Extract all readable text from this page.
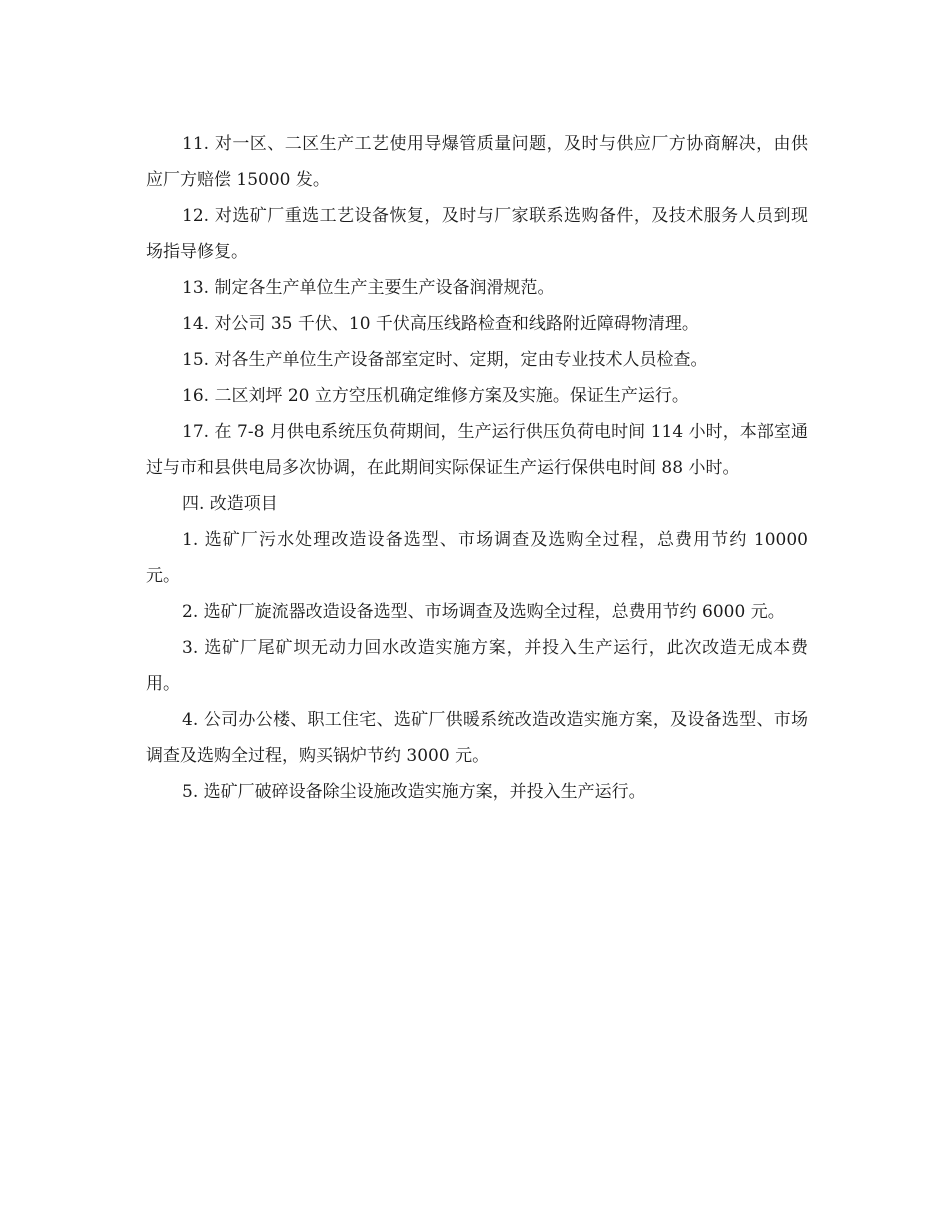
11. 对一区、二区生产工艺使用导爆管质量问题，及时与供应厂方协商解决，由供应厂方赔偿 15000 发。

12. 对选矿厂重选工艺设备恢复，及时与厂家联系选购备件，及技术服务人员到现场指导修复。

13. 制定各生产单位生产主要生产设备润滑规范。

14. 对公司 35 千伏、10 千伏高压线路检查和线路附近障碍物清理。

15. 对各生产单位生产设备部室定时、定期，定由专业技术人员检查。

16. 二区刘坪 20 立方空压机确定维修方案及实施。保证生产运行。

17. 在 7-8 月供电系统压负荷期间，生产运行供压负荷电时间 114 小时，本部室通过与市和县供电局多次协调，在此期间实际保证生产运行保供电时间 88 小时。

四. 改造项目

1. 选矿厂污水处理改造设备选型、市场调查及选购全过程，总费用节约 10000 元。

2. 选矿厂旋流器改造设备选型、市场调查及选购全过程，总费用节约 6000 元。

3. 选矿厂尾矿坝无动力回水改造实施方案，并投入生产运行，此次改造无成本费用。

4. 公司办公楼、职工住宅、选矿厂供暖系统改造改造实施方案，及设备选型、市场调查及选购全过程，购买锅炉节约 3000 元。

5. 选矿厂破碎设备除尘设施改造实施方案，并投入生产运行。
